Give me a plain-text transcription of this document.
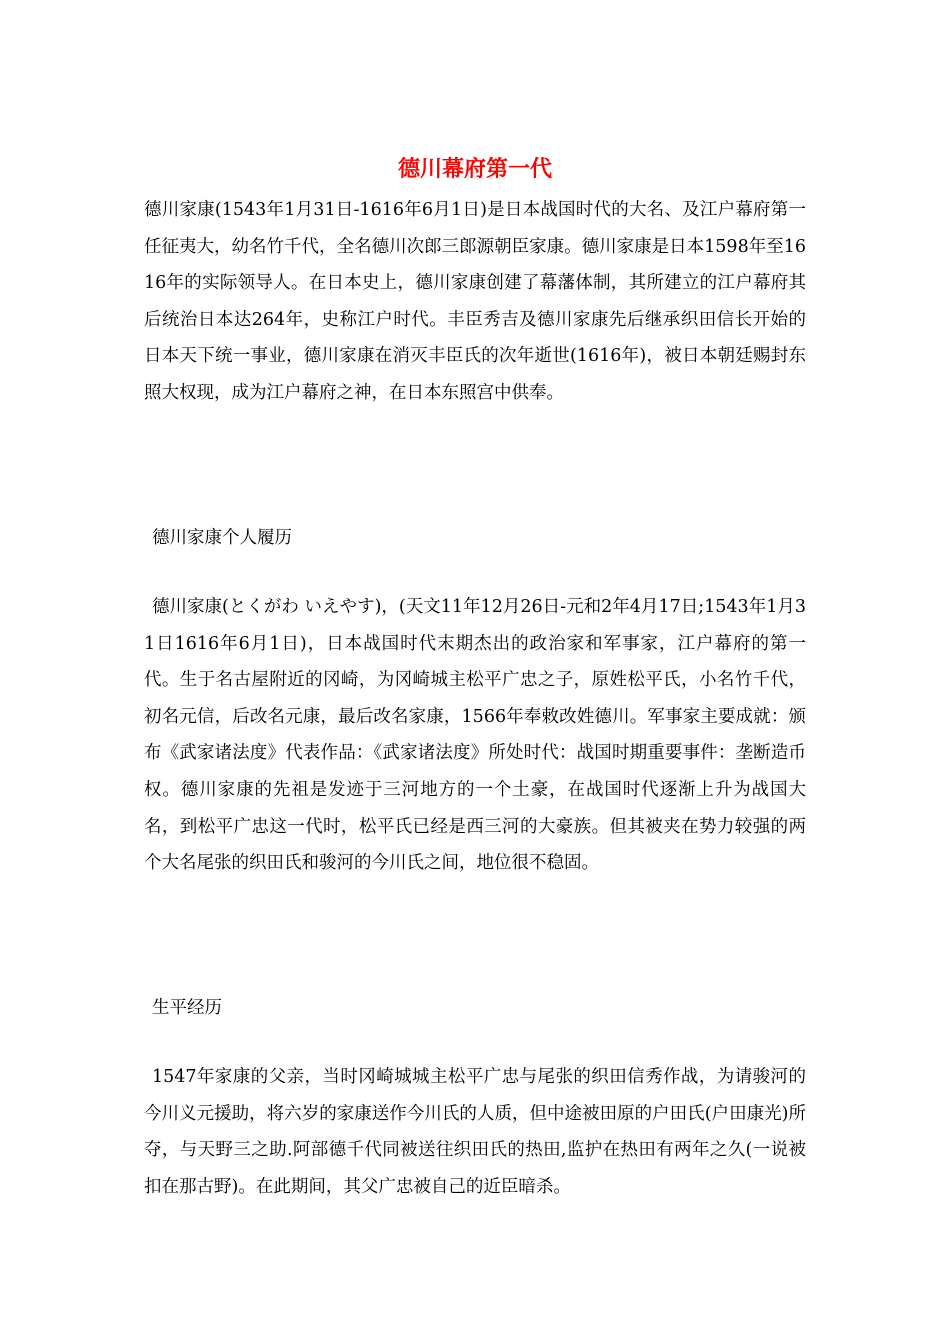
德川幕府第一代

德川家康(1543年1月31日-1616年6月1日)是日本战国时代的大名、及江户幕府第一任征夷大，幼名竹千代，全名德川次郎三郎源朝臣家康。德川家康是日本1598年至1616年的实际领导人。在日本史上，德川家康创建了幕藩体制，其所建立的江户幕府其后统治日本达264年，史称江户时代。丰臣秀吉及德川家康先后继承织田信长开始的日本天下统一事业，德川家康在消灭丰臣氏的次年逝世(1616年)，被日本朝廷赐封东照大权现，成为江户幕府之神，在日本东照宫中供奉。

德川家康个人履历

德川家康(とくがわ いえやす)，(天文11年12月26日-元和2年4月17日;1543年1月31日1616年6月1日)，日本战国时代末期杰出的政治家和军事家，江户幕府的第一代。生于名古屋附近的冈崎，为冈崎城主松平广忠之子，原姓松平氏，小名竹千代，初名元信，后改名元康，最后改名家康，1566年奉敕改姓德川。军事家主要成就：颁布《武家诸法度》代表作品：《武家诸法度》所处时代：战国时期重要事件：垄断造币权。德川家康的先祖是发迹于三河地方的一个土豪，在战国时代逐渐上升为战国大名，到松平广忠这一代时，松平氏已经是西三河的大豪族。但其被夹在势力较强的两个大名尾张的织田氏和骏河的今川氏之间，地位很不稳固。

生平经历

1547年家康的父亲，当时冈崎城城主松平广忠与尾张的织田信秀作战，为请骏河的今川义元援助，将六岁的家康送作今川氏的人质，但中途被田原的户田氏(户田康光)所夺，与天野三之助.阿部德千代同被送往织田氏的热田,监护在热田有两年之久(一说被扣在那古野)。在此期间，其父广忠被自己的近臣暗杀。
